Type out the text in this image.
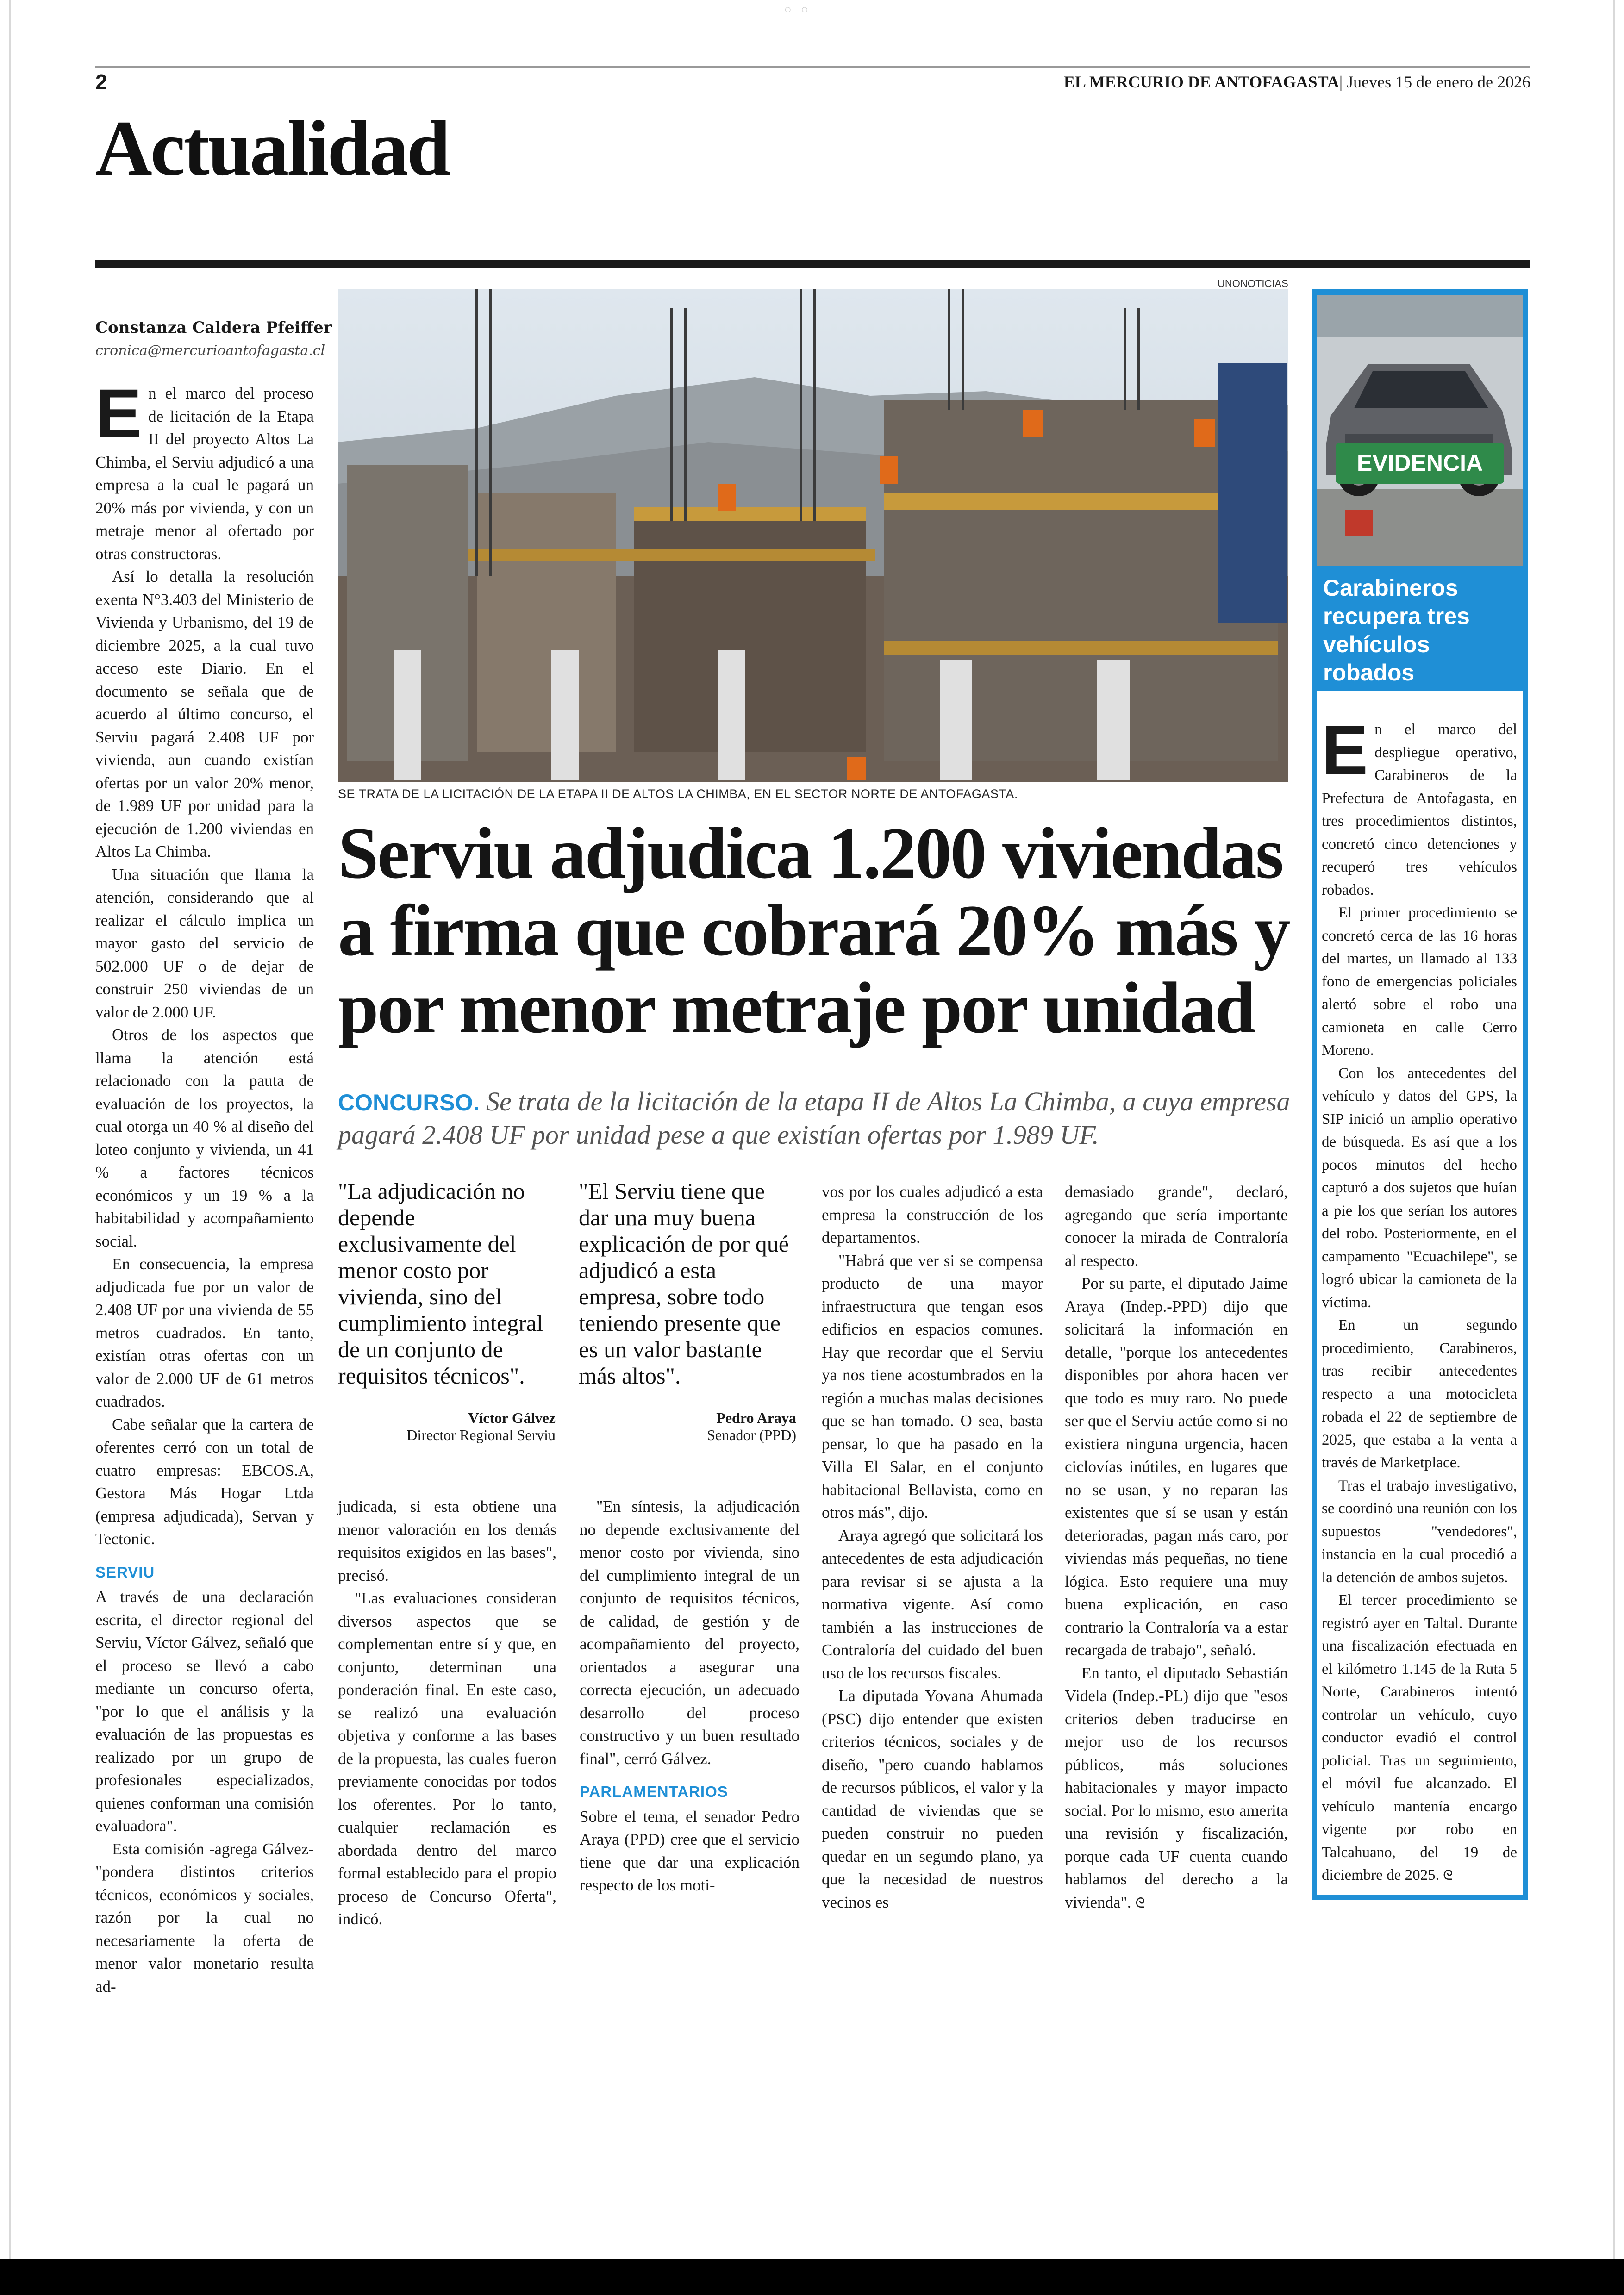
◦ ◦
2	EL MERCURIO DE ANTOFAGASTA| Jueves 15 de enero de 2026
Actualidad
Constanza Caldera Pfeiffer
cronica@mercurioantofagasta.cl
UNONOTICIAS
SE TRATA DE LA LICITACIÓN DE LA ETAPA II DE ALTOS LA CHIMBA, EN EL SECTOR NORTE DE ANTOFAGASTA.
Serviu adjudica 1.200 viviendas a firma que cobrará 20% más y por menor metraje por unidad
CONCURSO. Se trata de la licitación de la etapa II de Altos La Chimba, a cuya empresa pagará 2.408 UF por unidad pese a que existían ofertas por 1.989 UF.
E n el marco del proceso de licitación de la Etapa II del proyecto Altos La Chimba, el Serviu adjudicó a una empresa a la cual le pagará un 20% más por vivienda, y con un metraje menor al ofertado por otras constructoras.

Así lo detalla la resolución exenta N°3.403 del Ministerio de Vivienda y Urbanismo, del 19 de diciembre 2025, a la cual tuvo acceso este Diario. En el documento se señala que de acuerdo al último concurso, el Serviu pagará 2.408 UF por vivienda, aun cuando existían ofertas por un valor 20% menor, de 1.989 UF por unidad para la ejecución de 1.200 viviendas en Altos La Chimba.

Una situación que llama la atención, considerando que al realizar el cálculo implica un mayor gasto del servicio de 502.000 UF o de dejar de construir 250 viviendas de un valor de 2.000 UF.

Otros de los aspectos que llama la atención está relacionado con la pauta de evaluación de los proyectos, la cual otorga un 40 % al diseño del loteo conjunto y vivienda, un 41 % a factores técnicos económicos y un 19 % a la habitabilidad y acompañamiento social.

En consecuencia, la empresa adjudicada fue por un valor de 2.408 UF por una vivienda de 55 metros cuadrados. En tanto, existían otras ofertas con un valor de 2.000 UF de 61 metros cuadrados.

Cabe señalar que la cartera de oferentes cerró con un total de cuatro empresas: EBCOS.A, Gestora Más Hogar Ltda (empresa adjudicada), Servan y Tectonic.

SERVIU

A través de una declaración escrita, el director regional del Serviu, Víctor Gálvez, señaló que el proceso se llevó a cabo mediante un concurso oferta, "por lo que el análisis y la evaluación de las propuestas es realizado por un grupo de profesionales especializados, quienes conforman una comisión evaluadora".

Esta comisión -agrega Gálvez- "pondera distintos criterios técnicos, económicos y sociales, razón por la cual no necesariamente la oferta de menor valor monetario resulta ad-

"La adjudicación no depende exclusivamente del menor costo por vivienda, sino del cumplimiento integral de un conjunto de requisitos técnicos".
Víctor Gálvez
Director Regional Serviu
"El Serviu tiene que dar una muy buena explicación de por qué adjudicó a esta empresa, sobre todo teniendo presente que es un valor bastante más altos".
Pedro Araya
Senador (PPD)

judicada, si esta obtiene una menor valoración en los demás requisitos exigidos en las bases", precisó.

"Las evaluaciones consideran diversos aspectos que se complementan entre sí y que, en conjunto, determinan una ponderación final. En este caso, se realizó una evaluación objetiva y conforme a las bases de la propuesta, las cuales fueron previamente conocidas por todos los oferentes. Por lo tanto, cualquier reclamación es abordada dentro del marco formal establecido para el propio proceso de Concurso Oferta", indicó.

"En síntesis, la adjudicación no depende exclusivamente del menor costo por vivienda, sino del cumplimiento integral de un conjunto de requisitos técnicos, de calidad, de gestión y de acompañamiento del proyecto, orientados a asegurar una correcta ejecución, un adecuado desarrollo del proceso constructivo y un buen resultado final", cerró Gálvez.

PARLAMENTARIOS

Sobre el tema, el senador Pedro Araya (PPD) cree que el servicio tiene que dar una explicación respecto de los moti-

vos por los cuales adjudicó a esta empresa la construcción de los departamentos.

"Habrá que ver si se compensa producto de una mayor infraestructura que tengan esos edificios en espacios comunes. Hay que recordar que el Serviu ya nos tiene acostumbrados en la región a muchas malas decisiones que se han tomado. O sea, basta pensar, lo que ha pasado en la Villa El Salar, en el conjunto habitacional Bellavista, como en otros más", dijo.

Araya agregó que solicitará los antecedentes de esta adjudicación para revisar si se ajusta a la normativa vigente. Así como también a las instrucciones de Contraloría del cuidado del buen uso de los recursos fiscales.

La diputada Yovana Ahumada (PSC) dijo entender que existen criterios técnicos, sociales y de diseño, "pero cuando hablamos de recursos públicos, el valor y la cantidad de viviendas que se pueden construir no pueden quedar en un segundo plano, ya que la necesidad de nuestros vecinos es

demasiado grande", declaró, agregando que sería importante conocer la mirada de Contraloría al respecto.

Por su parte, el diputado Jaime Araya (Indep.-PPD) dijo que solicitará la información en detalle, "porque los antecedentes disponibles por ahora hacen ver que todo es muy raro. No puede ser que el Serviu actúe como si no existiera ninguna urgencia, hacen ciclovías inútiles, en lugares que no se usan, y no reparan las existentes que sí se usan y están deterioradas, pagan más caro, por viviendas más pequeñas, no tiene lógica. Esto requiere una muy buena explicación, en caso contrario la Contraloría va a estar recargada de trabajo", señaló.

En tanto, el diputado Sebastián Videla (Indep.-PL) dijo que "esos criterios deben traducirse en mejor uso de los recursos públicos, más soluciones habitacionales y mayor impacto social. Por lo mismo, esto amerita una revisión y fiscalización, porque cada UF cuenta cuando hablamos del derecho a la vivienda". ᘓ

EVIDENCIA
Carabineros recupera tres vehículos robados
E n el marco del despliegue operativo, Carabineros de la Prefectura de Antofagasta, en tres procedimientos distintos, concretó cinco detenciones y recuperó tres vehículos robados.

El primer procedimiento se concretó cerca de las 16 horas del martes, un llamado al 133 fono de emergencias policiales alertó sobre el robo una camioneta en calle Cerro Moreno.

Con los antecedentes del vehículo y datos del GPS, la SIP inició un amplio operativo de búsqueda. Es así que a los pocos minutos del hecho capturó a dos sujetos que huían a pie los que serían los autores del robo. Posteriormente, en el campamento "Ecuachilepe", se logró ubicar la camioneta de la víctima.

En un segundo procedimiento, Carabineros, tras recibir antecedentes respecto a una motocicleta robada el 22 de septiembre de 2025, que estaba a la venta a través de Marketplace.

Tras el trabajo investigativo, se coordinó una reunión con los supuestos "vendedores", instancia en la cual procedió a la detención de ambos sujetos.

El tercer procedimiento se registró ayer en Taltal. Durante una fiscalización efectuada en el kilómetro 1.145 de la Ruta 5 Norte, Carabineros intentó controlar un vehículo, cuyo conductor evadió el control policial. Tras un seguimiento, el móvil fue alcanzado. El vehículo mantenía encargo vigente por robo en Talcahuano, del 19 de diciembre de 2025. ᘓ
